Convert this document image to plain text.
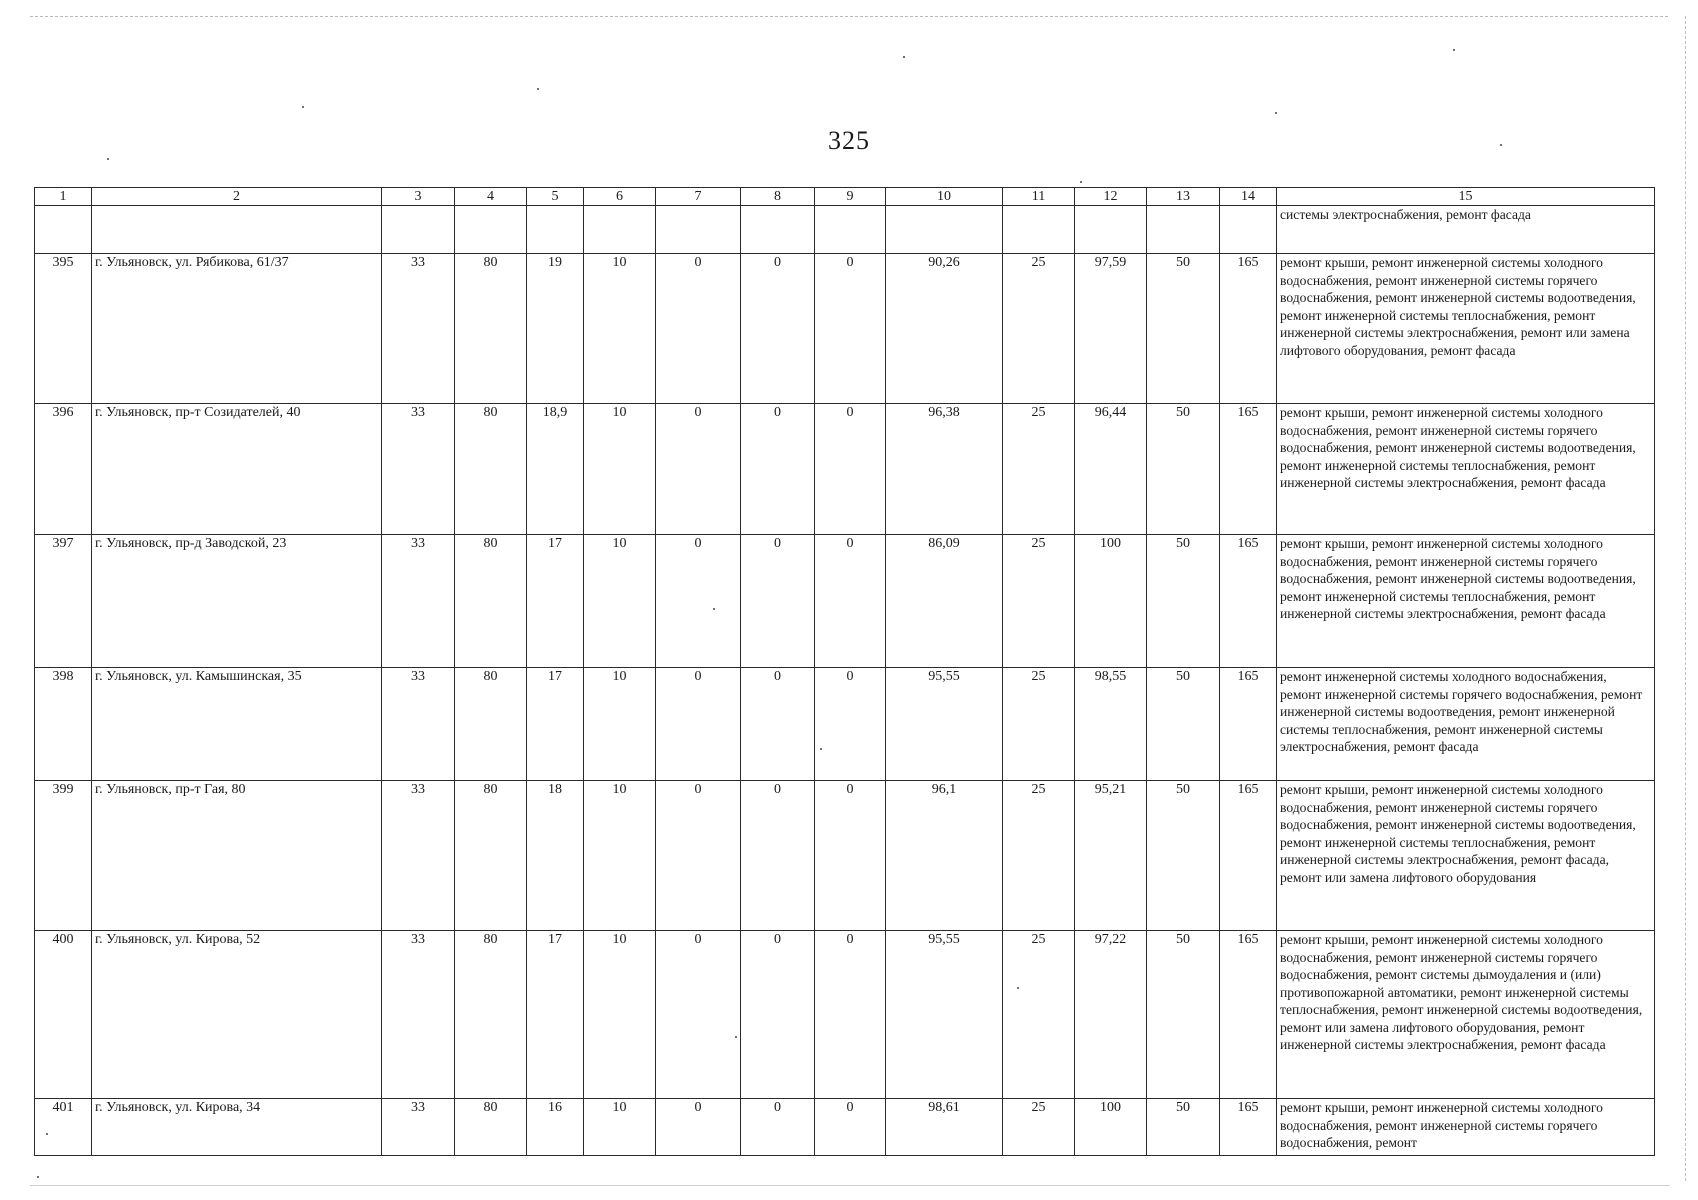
325
1	2	3	4	5	6	7	8	9	10	11	12	13	14	15
														системы электроснабжения, ремонт фасада
395	г. Ульяновск, ул. Рябикова, 61/37	33	80	19	10	0	0	0	90,26	25	97,59	50	165	ремонт крыши, ремонт инженерной системы холодного водоснабжения, ремонт инженерной системы горячего водоснабжения, ремонт инженерной системы водоотведения, ремонт инженерной системы теплоснабжения, ремонт инженерной системы электроснабжения, ремонт или замена лифтового оборудования, ремонт фасада
396	г. Ульяновск, пр-т Созидателей, 40	33	80	18,9	10	0	0	0	96,38	25	96,44	50	165	ремонт крыши, ремонт инженерной системы холодного водоснабжения, ремонт инженерной системы горячего водоснабжения, ремонт инженерной системы водоотведения, ремонт инженерной системы теплоснабжения, ремонт инженерной системы электроснабжения, ремонт фасада
397	г. Ульяновск, пр-д Заводской, 23	33	80	17	10	0	0	0	86,09	25	100	50	165	ремонт крыши, ремонт инженерной системы холодного водоснабжения, ремонт инженерной системы горячего водоснабжения, ремонт инженерной системы водоотведения, ремонт инженерной системы теплоснабжения, ремонт инженерной системы электроснабжения, ремонт фасада
398	г. Ульяновск, ул. Камышинская, 35	33	80	17	10	0	0	0	95,55	25	98,55	50	165	ремонт инженерной системы холодного водоснабжения, ремонт инженерной системы горячего водоснабжения, ремонт инженерной системы водоотведения, ремонт инженерной системы теплоснабжения, ремонт инженерной системы электроснабжения, ремонт фасада
399	г. Ульяновск, пр-т Гая, 80	33	80	18	10	0	0	0	96,1	25	95,21	50	165	ремонт крыши, ремонт инженерной системы холодного водоснабжения, ремонт инженерной системы горячего водоснабжения, ремонт инженерной системы водоотведения, ремонт инженерной системы теплоснабжения, ремонт инженерной системы электроснабжения, ремонт фасада, ремонт или замена лифтового оборудования
400	г. Ульяновск, ул. Кирова, 52	33	80	17	10	0	0	0	95,55	25	97,22	50	165	ремонт крыши, ремонт инженерной системы холодного водоснабжения, ремонт инженерной системы горячего водоснабжения, ремонт системы дымоудаления и (или) противопожарной автоматики, ремонт инженерной системы теплоснабжения, ремонт инженерной системы водоотведения, ремонт или замена лифтового оборудования, ремонт инженерной системы электроснабжения, ремонт фасада
401	г. Ульяновск, ул. Кирова, 34	33	80	16	10	0	0	0	98,61	25	100	50	165	ремонт крыши, ремонт инженерной системы холодного водоснабжения, ремонт инженерной системы горячего водоснабжения, ремонт
